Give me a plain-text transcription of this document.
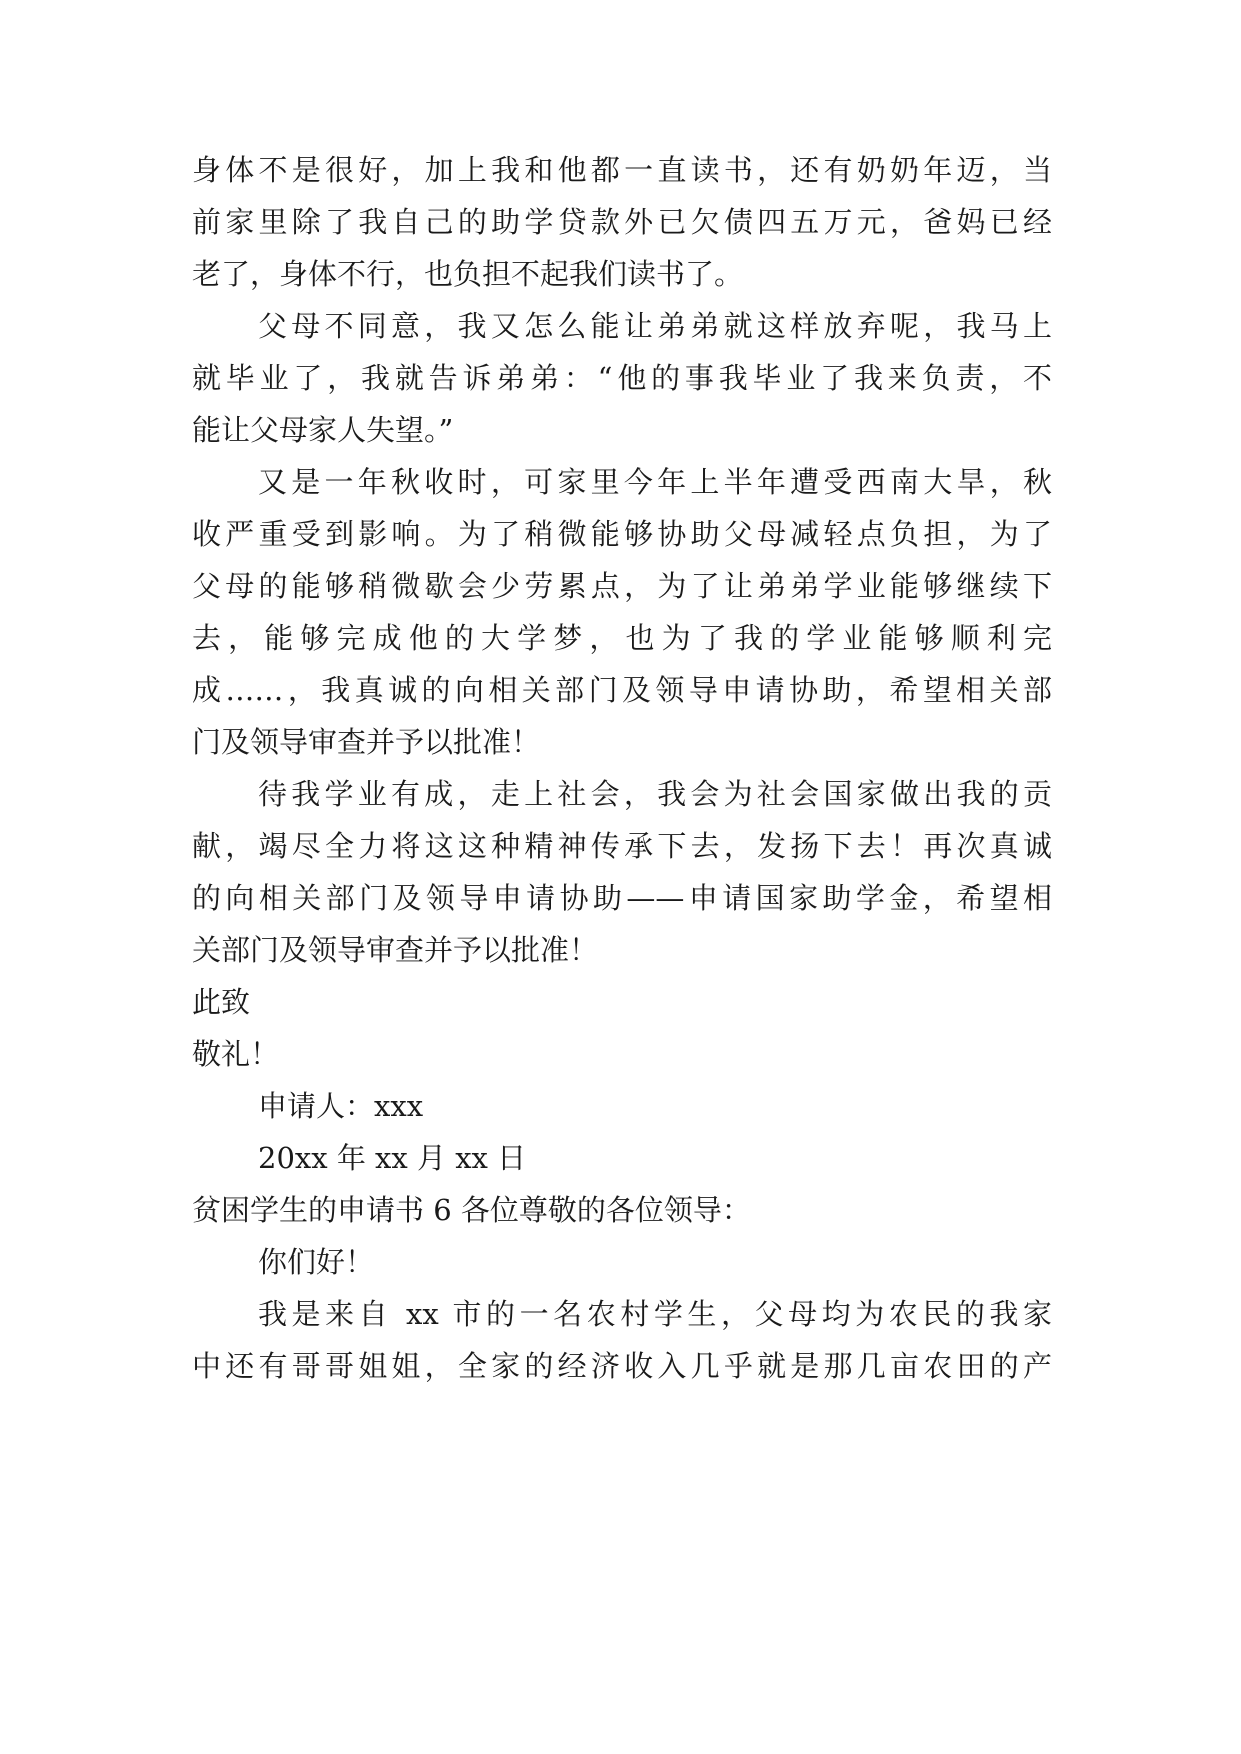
身体不是很好，加上我和他都一直读书，还有奶奶年迈，当
前家里除了我自己的助学贷款外已欠债四五万元，爸妈已经
老了，身体不行，也负担不起我们读书了。
父母不同意，我又怎么能让弟弟就这样放弃呢，我马上
就毕业了，我就告诉弟弟：“他的事我毕业了我来负责，不
能让父母家人失望。”
又是一年秋收时，可家里今年上半年遭受西南大旱，秋
收严重受到影响。为了稍微能够协助父母减轻点负担，为了
父母的能够稍微歇会少劳累点，为了让弟弟学业能够继续下
去，能够完成他的大学梦，也为了我的学业能够顺利完
成……，我真诚的向相关部门及领导申请协助，希望相关部
门及领导审查并予以批准！
待我学业有成，走上社会，我会为社会国家做出我的贡
献，竭尽全力将这这种精神传承下去，发扬下去！再次真诚
的向相关部门及领导申请协助——申请国家助学金，希望相
关部门及领导审查并予以批准！
此致
敬礼！
申请人：xxx
20xx 年 xx 月 xx 日
贫困学生的申请书 6 各位尊敬的各位领导：
你们好！
我是来自 xx 市的一名农村学生，父母均为农民的我家
中还有哥哥姐姐，全家的经济收入几乎就是那几亩农田的产
